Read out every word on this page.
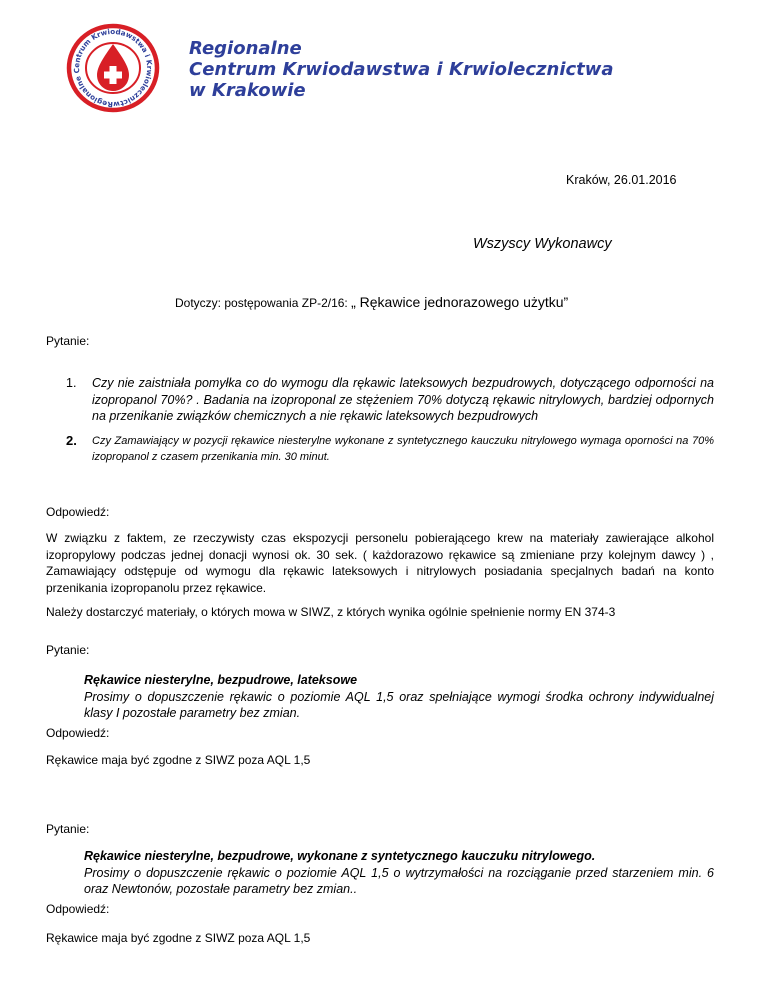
Regionalne Centrum Krwiodawstwa i Krwiolecznictw
Regionalne
Centrum Krwiodawstwa i Krwiolecznictwa
w Krakowie
Kraków, 26.01.2016
Wszyscy Wykonawcy
Dotyczy: postępowania ZP-2/16: „ Rękawice jednorazowego użytku”
Pytanie:
1. Czy nie zaistniała pomyłka co do wymogu dla rękawic lateksowych bezpudrowych, dotyczącego odporności na izopropanol 70%? . Badania na izoproponal ze stężeniem 70% dotyczą rękawic nitrylowych, bardziej odpornych na przenikanie związków chemicznych a nie rękawic lateksowych bezpudrowych
2. Czy Zamawiający w pozycji rękawice niesterylne wykonane z syntetycznego kauczuku nitrylowego wymaga oporności na 70% izopropanol z czasem przenikania min. 30 minut.
Odpowiedź:
W związku z faktem, ze rzeczywisty czas ekspozycji personelu pobierającego krew na materiały zawierające alkohol izopropylowy podczas jednej donacji wynosi ok. 30 sek. ( każdorazowo rękawice są zmieniane przy kolejnym dawcy ) , Zamawiający odstępuje od wymogu dla rękawic lateksowych i nitrylowych posiadania specjalnych badań na konto przenikania izopropanolu przez rękawice.
Należy dostarczyć materiały, o których mowa w SIWZ, z których wynika ogólnie spełnienie normy EN 374-3
Pytanie:
Rękawice niesterylne, bezpudrowe, lateksowe
Prosimy o dopuszczenie rękawic o poziomie AQL 1,5 oraz spełniające wymogi środka ochrony indywidualnej klasy I pozostałe parametry bez zmian.
Odpowiedź:
Rękawice maja być zgodne z SIWZ poza AQL 1,5
Pytanie:
Rękawice niesterylne, bezpudrowe, wykonane z syntetycznego kauczuku nitrylowego.
Prosimy o dopuszczenie rękawic o poziomie AQL 1,5 o wytrzymałości na rozciąganie przed starzeniem min. 6 oraz Newtonów, pozostałe parametry bez zmian..
Odpowiedź:
Rękawice maja być zgodne z SIWZ poza AQL 1,5
